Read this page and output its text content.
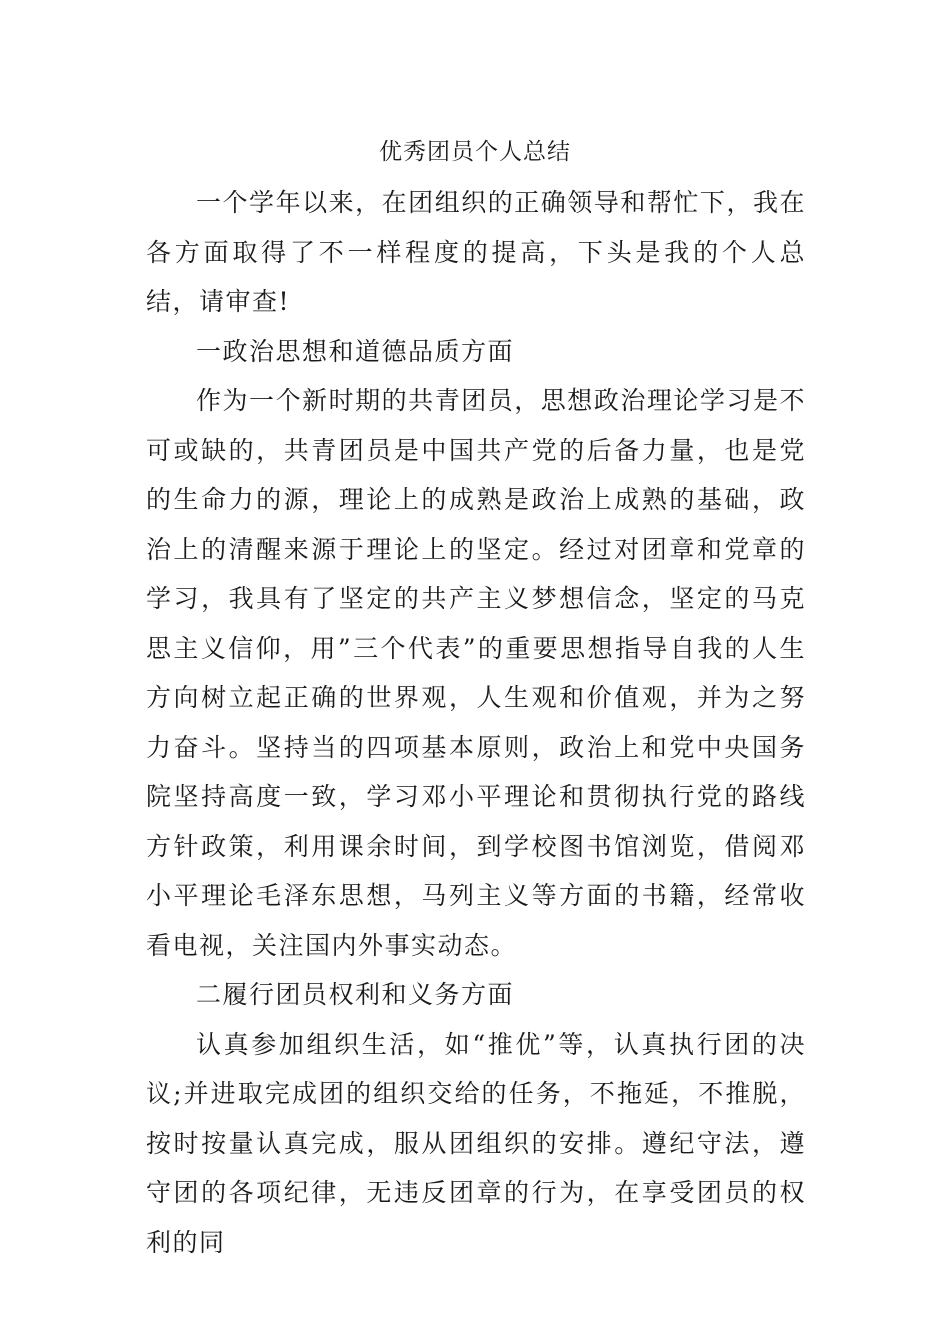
优秀团员个人总结

一个学年以来，在团组织的正确领导和帮忙下，我在各方面取得了不一样程度的提高，下头是我的个人总结，请审查!

一政治思想和道德品质方面

作为一个新时期的共青团员，思想政治理论学习是不可或缺的，共青团员是中国共产党的后备力量，也是党的生命力的源，理论上的成熟是政治上成熟的基础，政治上的清醒来源于理论上的坚定。经过对团章和党章的学习，我具有了坚定的共产主义梦想信念，坚定的马克思主义信仰，用”三个代表”的重要思想指导自我的人生方向树立起正确的世界观，人生观和价值观，并为之努力奋斗。坚持当的四项基本原则，政治上和党中央国务院坚持高度一致，学习邓小平理论和贯彻执行党的路线方针政策，利用课余时间，到学校图书馆浏览，借阅邓小平理论毛泽东思想，马列主义等方面的书籍，经常收看电视，关注国内外事实动态。

二履行团员权利和义务方面

认真参加组织生活，如“推优”等，认真执行团的决议;并进取完成团的组织交给的任务，不拖延，不推脱，按时按量认真完成，服从团组织的安排。遵纪守法，遵守团的各项纪律，无违反团章的行为，在享受团员的权利的同
